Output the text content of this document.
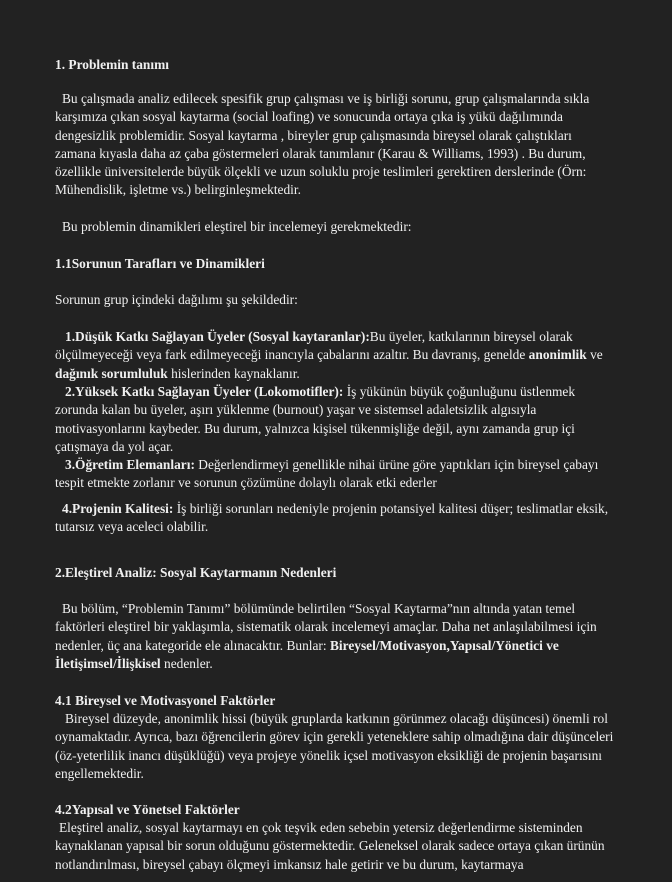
1. Problemin tanımı

Bu çalışmada analiz edilecek spesifik grup çalışması ve iş birliği sorunu, grup çalışmalarında sıkla karşımıza çıkan sosyal kaytarma (social loafing) ve sonucunda ortaya çıka iş yükü dağılımında dengesizlik problemidir. Sosyal kaytarma , bireyler grup çalışmasında bireysel olarak çalıştıkları zamana kıyasla daha az çaba göstermeleri olarak tanımlanır (Karau & Williams, 1993) . Bu durum, özellikle üniversitelerde büyük ölçekli ve uzun soluklu proje teslimleri gerektiren derslerinde (Örn: Mühendislik, işletme vs.) belirginleşmektedir.

Bu problemin dinamikleri eleştirel bir incelemeyi gerekmektedir:

1.1Sorunun Tarafları ve Dinamikleri

Sorunun grup içindeki dağılımı şu şekildedir:

1.Düşük Katkı Sağlayan Üyeler (Sosyal kaytaranlar):Bu üyeler, katkılarının bireysel olarak ölçülmeyeceği veya fark edilmeyeceği inancıyla çabalarını azaltır. Bu davranış, genelde anonimlik ve dağınık sorumluluk hislerinden kaynaklanır.

2.Yüksek Katkı Sağlayan Üyeler (Lokomotifler): İş yükünün büyük çoğunluğunu üstlenmek zorunda kalan bu üyeler, aşırı yüklenme (burnout) yaşar ve sistemsel adaletsizlik algısıyla motivasyonlarını kaybeder. Bu durum, yalnızca kişisel tükenmişliğe değil, aynı zamanda grup içi çatışmaya da yol açar.

3.Öğretim Elemanları: Değerlendirmeyi genellikle nihai ürüne göre yaptıkları için bireysel çabayı tespit etmekte zorlanır ve sorunun çözümüne dolaylı olarak etki ederler

4.Projenin Kalitesi: İş birliği sorunları nedeniyle projenin potansiyel kalitesi düşer; teslimatlar eksik, tutarsız veya aceleci olabilir.

2.Eleştirel Analiz: Sosyal Kaytarmanın Nedenleri

Bu bölüm, “Problemin Tanımı” bölümünde belirtilen “Sosyal Kaytarma”nın altında yatan temel faktörleri eleştirel bir yaklaşımla, sistematik olarak incelemeyi amaçlar. Daha net anlaşılabilmesi için nedenler, üç ana kategoride ele alınacaktır. Bunlar: Bireysel/Motivasyon,Yapısal/Yönetici ve İletişimsel/İlişkisel nedenler.

4.1 Bireysel ve Motivasyonel Faktörler

Bireysel düzeyde, anonimlik hissi (büyük gruplarda katkının görünmez olacağı düşüncesi) önemli rol oynamaktadır. Ayrıca, bazı öğrencilerin görev için gerekli yeteneklere sahip olmadığına dair düşünceleri (öz-yeterlilik inancı düşüklüğü) veya projeye yönelik içsel motivasyon eksikliği de projenin başarısını engellemektedir.

4.2Yapısal ve Yönetsel Faktörler

Eleştirel analiz, sosyal kaytarmayı en çok teşvik eden sebebin yetersiz değerlendirme sisteminden kaynaklanan yapısal bir sorun olduğunu göstermektedir. Geleneksel olarak sadece ortaya çıkan ürünün notlandırılması, bireysel çabayı ölçmeyi imkansız hale getirir ve bu durum, kaytarmaya
